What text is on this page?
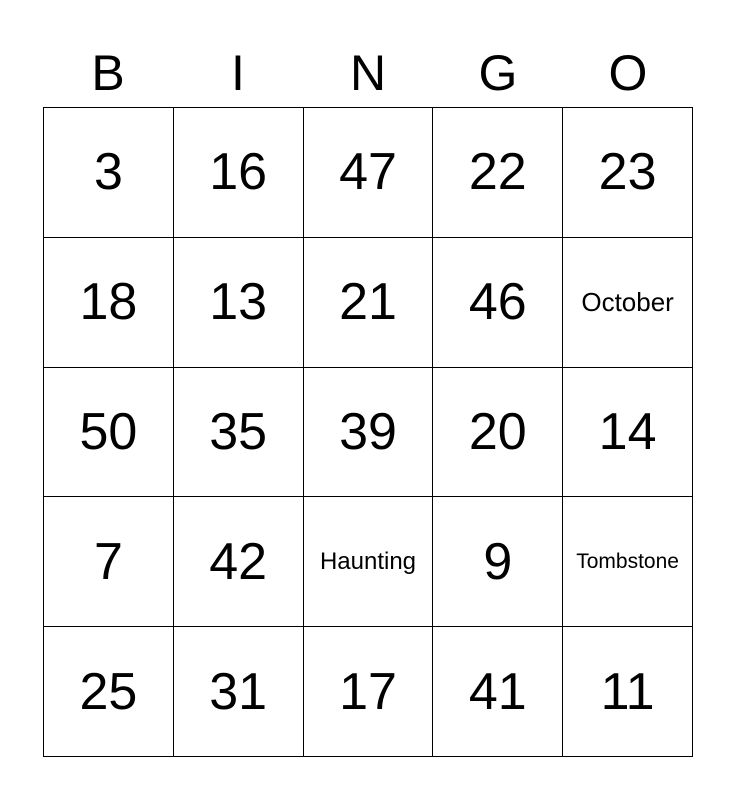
B	I	N	G	O
3 16 47 22 23
18 13 21 46 October
50 35 39 20 14
7 42 Haunting 9	Tombstone
25 31 17 41 11
